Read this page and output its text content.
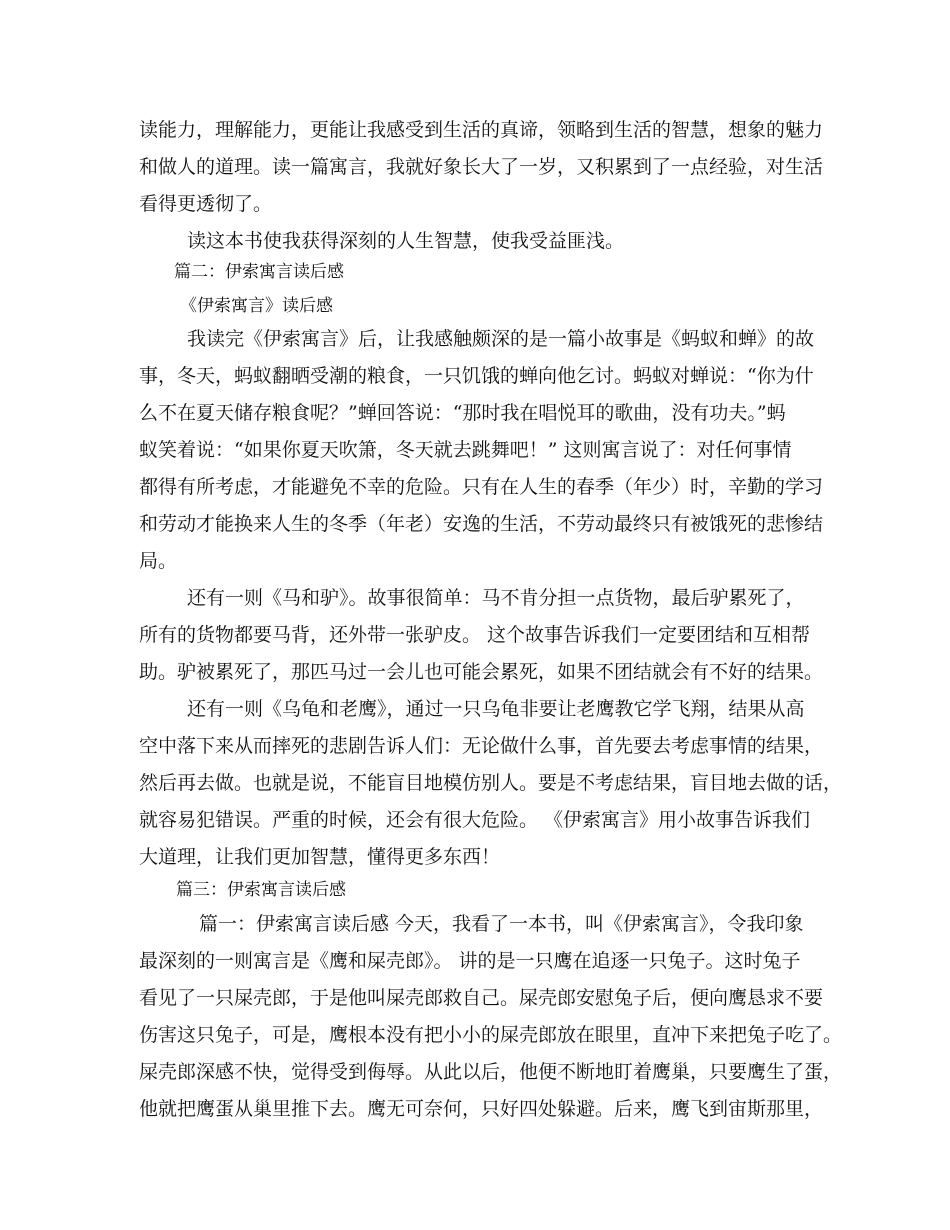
读能力，理解能力，更能让我感受到生活的真谛，领略到生活的智慧，想象的魅力
和做人的道理。读一篇寓言，我就好象长大了一岁，又积累到了一点经验，对生活
看得更透彻了。
读这本书使我获得深刻的人生智慧，使我受益匪浅。
篇二：伊索寓言读后感
《伊索寓言》读后感
我读完《伊索寓言》后，让我感触颇深的是一篇小故事是《蚂蚁和蝉》的故
事，冬天，蚂蚁翻晒受潮的粮食，一只饥饿的蝉向他乞讨。蚂蚁对蝉说：“你为什
么不在夏天储存粮食呢？”蝉回答说：“那时我在唱悦耳的歌曲，没有功夫。”蚂
蚁笑着说：“如果你夏天吹箫，冬天就去跳舞吧！” 这则寓言说了：对任何事情
都得有所考虑，才能避免不幸的危险。只有在人生的春季（年少）时，辛勤的学习
和劳动才能换来人生的冬季（年老）安逸的生活，不劳动最终只有被饿死的悲惨结
局。
还有一则《马和驴》。故事很简单：马不肯分担一点货物，最后驴累死了，
所有的货物都要马背，还外带一张驴皮。 这个故事告诉我们一定要团结和互相帮
助。驴被累死了，那匹马过一会儿也可能会累死，如果不团结就会有不好的结果。
还有一则《乌龟和老鹰》，通过一只乌龟非要让老鹰教它学飞翔，结果从高
空中落下来从而摔死的悲剧告诉人们：无论做什么事，首先要去考虑事情的结果，
然后再去做。也就是说，不能盲目地模仿别人。要是不考虑结果，盲目地去做的话，
就容易犯错误。严重的时候，还会有很大危险。 《伊索寓言》用小故事告诉我们
大道理，让我们更加智慧，懂得更多东西！
篇三：伊索寓言读后感
篇一：伊索寓言读后感 今天，我看了一本书，叫《伊索寓言》，令我印象
最深刻的一则寓言是《鹰和屎壳郎》。 讲的是一只鹰在追逐一只兔子。这时兔子
看见了一只屎壳郎，于是他叫屎壳郎救自己。屎壳郎安慰兔子后，便向鹰恳求不要
伤害这只兔子，可是，鹰根本没有把小小的屎壳郎放在眼里，直冲下来把兔子吃了。
屎壳郎深感不快，觉得受到侮辱。从此以后，他便不断地盯着鹰巢，只要鹰生了蛋，
他就把鹰蛋从巢里推下去。鹰无可奈何，只好四处躲避。后来，鹰飞到宙斯那里，
